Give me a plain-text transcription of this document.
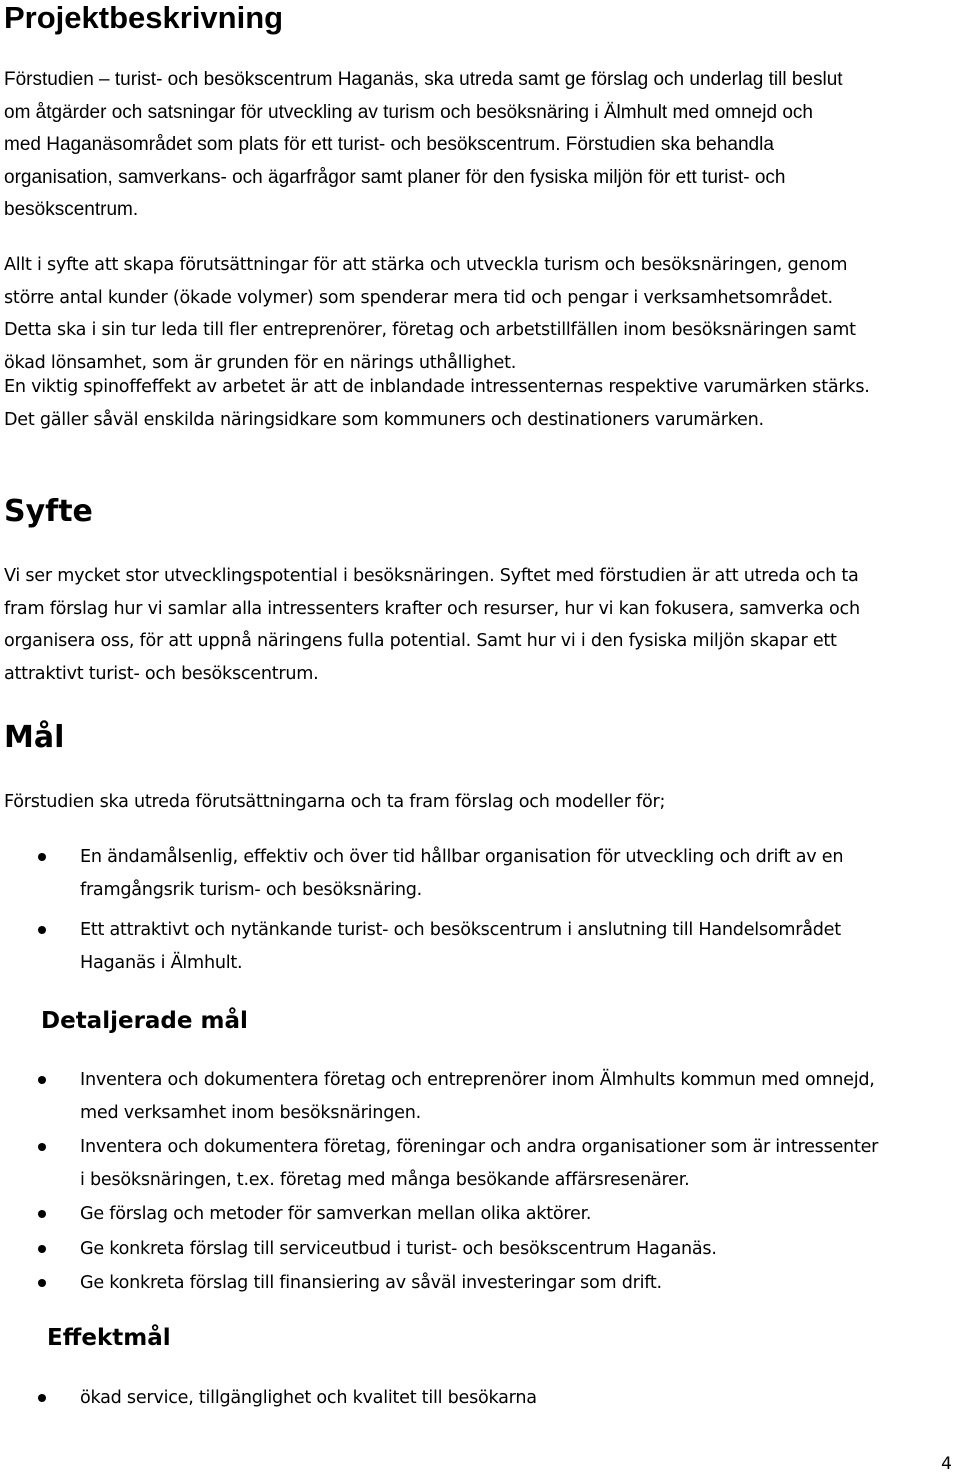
Projektbeskrivning

Förstudien – turist- och besökscentrum Haganäs, ska utreda samt ge förslag och underlag till beslut
om åtgärder och satsningar för utveckling av turism och besöksnäring i Älmhult med omnejd och
med Haganäsområdet som plats för ett turist- och besökscentrum. Förstudien ska behandla
organisation, samverkans- och ägarfrågor samt planer för den fysiska miljön för ett turist- och
besökscentrum.

Allt i syfte att skapa förutsättningar för att stärka och utveckla turism och besöksnäringen, genom
större antal kunder (ökade volymer) som spenderar mera tid och pengar i verksamhetsområdet.
Detta ska i sin tur leda till fler entreprenörer, företag och arbetstillfällen inom besöksnäringen samt
ökad lönsamhet, som är grunden för en närings uthållighet.

En viktig spinoffeffekt av arbetet är att de inblandade intressenternas respektive varumärken stärks.
Det gäller såväl enskilda näringsidkare som kommuners och destinationers varumärken.

Syfte

Vi ser mycket stor utvecklingspotential i besöksnäringen. Syftet med förstudien är att utreda och ta
fram förslag hur vi samlar alla intressenters krafter och resurser, hur vi kan fokusera, samverka och
organisera oss, för att uppnå näringens fulla potential. Samt hur vi i den fysiska miljön skapar ett
attraktivt turist- och besökscentrum.

Mål

Förstudien ska utreda förutsättningarna och ta fram förslag och modeller för;

En ändamålsenlig, effektiv och över tid hållbar organisation för utveckling och drift av en
framgångsrik turism- och besöksnäring.
Ett attraktivt och nytänkande turist- och besökscentrum i anslutning till Handelsområdet
Haganäs i Älmhult.
Detaljerade mål
Inventera och dokumentera företag och entreprenörer inom Älmhults kommun med omnejd,
med verksamhet inom besöksnäringen.
Inventera och dokumentera företag, föreningar och andra organisationer som är intressenter
i besöksnäringen, t.ex. företag med många besökande affärsresenärer.
Ge förslag och metoder för samverkan mellan olika aktörer.
Ge konkreta förslag till serviceutbud i turist- och besökscentrum Haganäs.
Ge konkreta förslag till finansiering av såväl investeringar som drift.
Effektmål
ökad service, tillgänglighet och kvalitet till besökarna
4
